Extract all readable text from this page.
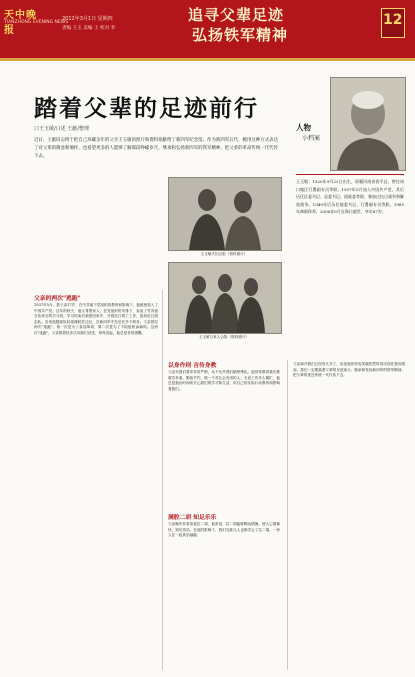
天中晚报
TIANZHONG EVENING NEWS
2012年3月1日 星期四
责编 王玉 美编 王 校对 李
追寻父辈足迹
弘扬铁军精神
12
踏着父辈的足迹前行
口王玉敏/口述 王献/整理
近日，王献同志终于把自己珍藏多年的父亲王玉敏的照片和资料捐献给了新四军纪念馆。作为新四军后代，她用这种方式表达了对父辈的敬意和缅怀，也希望更多的人能够了解那段峥嵘岁月，继承和弘扬新四军的铁军精神，把父辈的革命传统一代代传下去。
人物
小档案
王玉敏：1920年9月22日出生，原籍河南省西平县，曾任周口地区行署副专员等职。1937年5月加入中国共产党，其后历任区委书记、县委书记、团政委等职，参加过抗日战争和解放战争。1949年后历任地委书记、行署副专员等职。1985年离职休养，2006年9月在周口逝世，享年87岁。
王玉敏夫妇合影（资料照片）
王玉敏与家人合影（资料照片）
父亲的两次"逃跑"
1937年5月，我父亲17岁，在中共地下党组织的教育和影响下，他秘密加入了中国共产党。这年的秋天，他又背着家人，在党组织的安排下，参加了竹沟留守处举办的学习班，学习结束后被派回家乡，开展抗日救亡工作，组织抗日游击队。后来他随部队转战豫皖苏边区，在新四军中先后任多个职务。父亲曾经两次"逃跑"，第一次是为了参加革命，第二次是为了不给组织添麻烦。这两次"逃跑"，父亲都曾经多次向我们讲述，每每讲起，他总是非常感慨。
以身作则 言传身教
父亲对我们要求非常严格，从不允许我们搞特殊化。他常常教育我们要艰苦朴素，勤俭节约，做一个对社会有用的人。无论工作多么繁忙，他总是抽出时间来关心我们的学习和生活，用自己的实际行动教育和影响着我们。
满腔二胡 知足乐乐
父亲晚年非常喜欢拉二胡，他常说，拉二胡能够陶冶情操，使人心情愉快，知足常乐。在他的影响下，我们兄妹几人也都学会了拉二胡，一家人在一起其乐融融。
父亲离开我们已经有几年了，但是他的音容笑貌依然时常浮现在我们眼前。我们一定要踏着父辈的足迹前行，继承和发扬新四军的铁军精神，把父辈的优良传统一代代传下去。
